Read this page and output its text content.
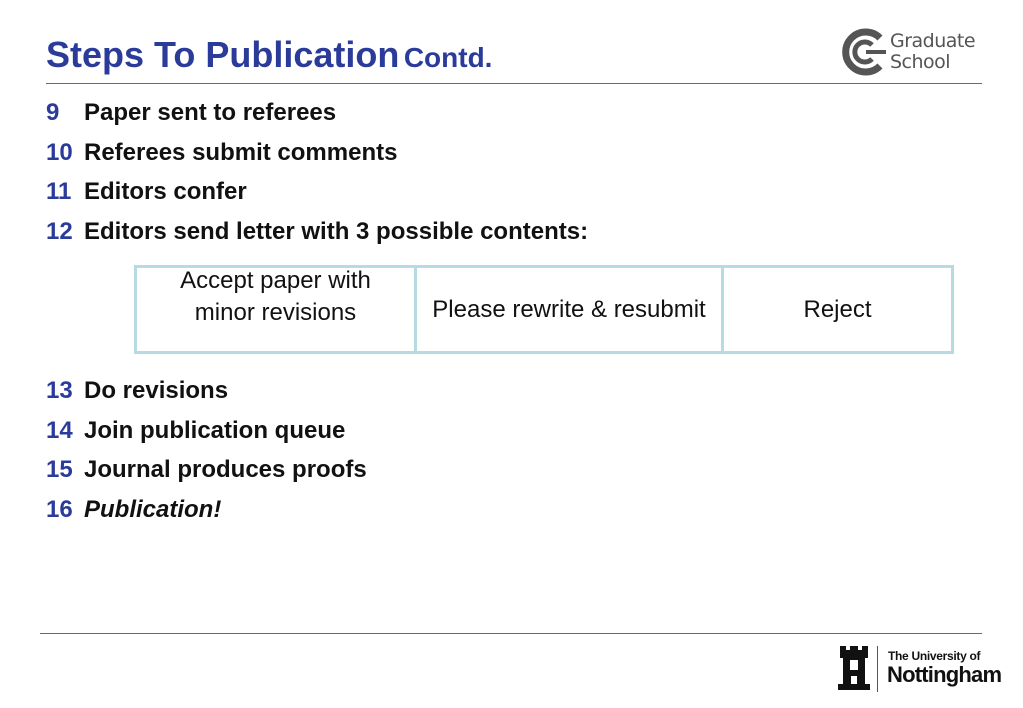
Steps To Publication Contd.
Graduate
School
9	Paper sent to referees
10 Referees submit comments
11 Editors confer
12 Editors send letter with 3 possible contents:
Accept paper with minor revisions	Please rewrite & resubmit	Reject
13 Do revisions
14 Join publication queue
15 Journal produces proofs
16 Publication!
The University of
Nottingham
